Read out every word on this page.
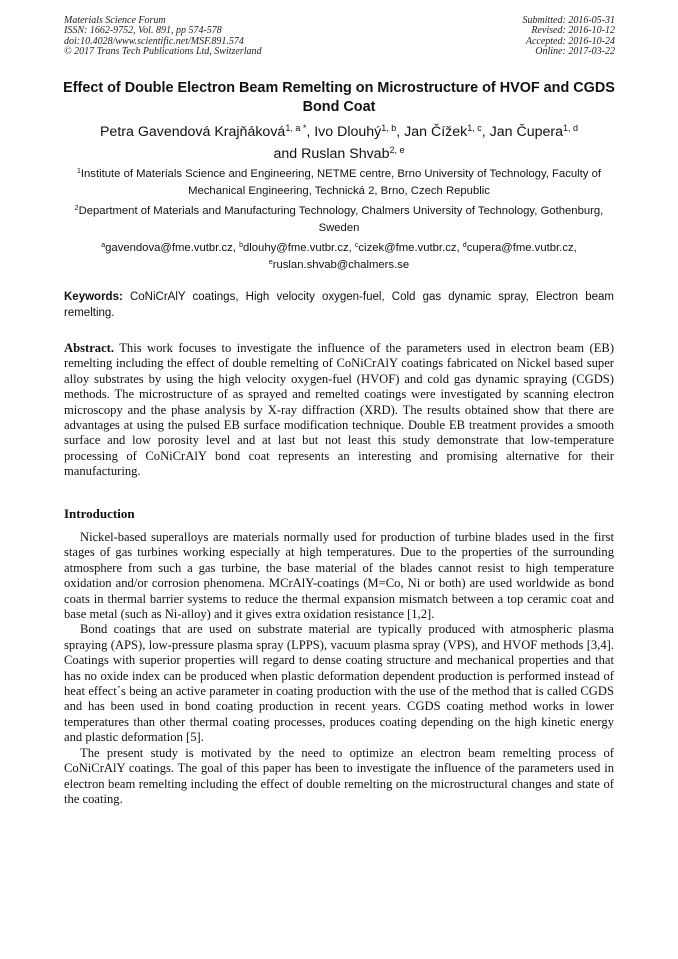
Materials Science Forum
ISSN: 1662-9752, Vol. 891, pp 574-578
doi:10.4028/www.scientific.net/MSF.891.574
© 2017 Trans Tech Publications Ltd, Switzerland
Submitted: 2016-05-31
Revised: 2016-10-12
Accepted: 2016-10-24
Online: 2017-03-22
Effect of Double Electron Beam Remelting on Microstructure of HVOF and CGDS Bond Coat
Petra Gavendová Krajňáková$^{1, a *}$, Ivo Dlouhý$^{1, b}$, Jan Čížek$^{1, c}$, Jan Čupera$^{1, d}$
and Ruslan Shvab$^{2, e}$
$^1$Institute of Materials Science and Engineering, NETME centre, Brno University of Technology, Faculty of Mechanical Engineering, Technická 2, Brno, Czech Republic
$^2$Department of Materials and Manufacturing Technology, Chalmers University of Technology, Gothenburg, Sweden
$^a$gavendova@fme.vutbr.cz, $^b$dlouhy@fme.vutbr.cz, $^c$cizek@fme.vutbr.cz, $^d$cupera@fme.vutbr.cz,
$^e$ruslan.shvab@chalmers.se
Keywords: CoNiCrAlY coatings, High velocity oxygen-fuel, Cold gas dynamic spray, Electron beam remelting.
Abstract. This work focuses to investigate the influence of the parameters used in electron beam (EB) remelting including the effect of double remelting of CoNiCrAlY coatings fabricated on Nickel based super alloy substrates by using the high velocity oxygen-fuel (HVOF) and cold gas dynamic spraying (CGDS) methods. The microstructure of as sprayed and remelted coatings were investigated by scanning electron microscopy and the phase analysis by X-ray diffraction (XRD). The results obtained show that there are advantages at using the pulsed EB surface modification technique. Double EB treatment provides a smooth surface and low porosity level and at last but not least this study demonstrate that low-temperature processing of CoNiCrAlY bond coat represents an interesting and promising alternative for their manufacturing.
Introduction

Nickel-based superalloys are materials normally used for production of turbine blades used in the first stages of gas turbines working especially at high temperatures. Due to the properties of the surrounding atmosphere from such a gas turbine, the base material of the blades cannot resist to high temperature oxidation and/or corrosion phenomena. MCrAlY-coatings (M=Co, Ni or both) are used worldwide as bond coats in thermal barrier systems to reduce the thermal expansion mismatch between a top ceramic coat and base metal (such as Ni-alloy) and it gives extra oxidation resistance [1,2].

Bond coatings that are used on substrate material are typically produced with atmospheric plasma spraying (APS), low-pressure plasma spray (LPPS), vacuum plasma spray (VPS), and HVOF methods [3,4]. Coatings with superior properties will regard to dense coating structure and mechanical properties and that has no oxide index can be produced when plastic deformation dependent production is performed instead of heat effect´s being an active parameter in coating production with the use of the method that is called CGDS and has been used in bond coating production in recent years. CGDS coating method works in lower temperatures than other thermal coating processes, produces coating depending on the high kinetic energy and plastic deformation [5].

The present study is motivated by the need to optimize an electron beam remelting process of CoNiCrAlY coatings. The goal of this paper has been to investigate the influence of the parameters used in electron beam remelting including the effect of double remelting on the microstructural changes and state of the coating.
